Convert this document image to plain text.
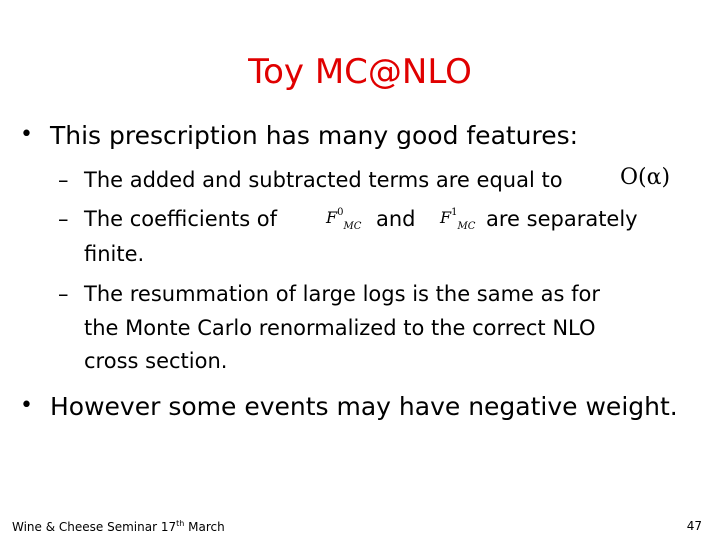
Toy MC@NLO
• This prescription has many good features:
– The added and subtracted terms are equal to	O(α)
– The coefficients of	$F^0_{MC}$ and $F^1_{MC}$ are separately
finite.
– The resummation of large logs is the same as for
the Monte Carlo renormalized to the correct NLO
cross section.
• However some events may have negative weight.
Wine & Cheese Seminar 17th March	47
